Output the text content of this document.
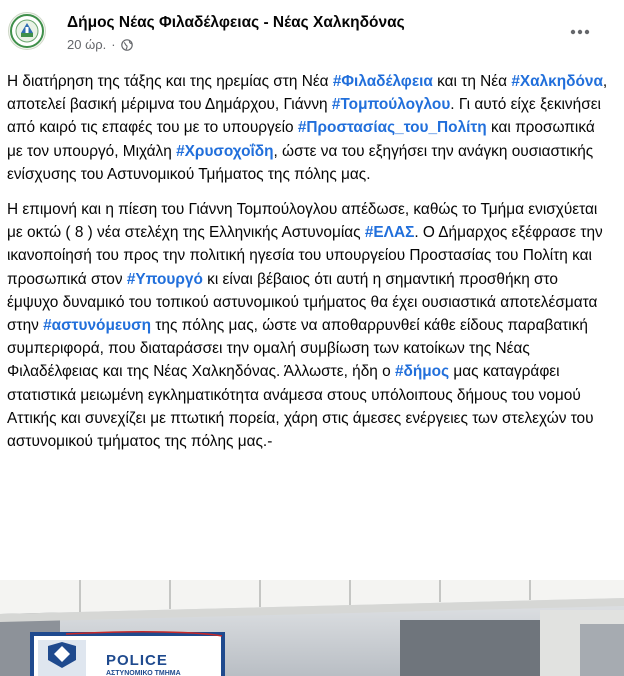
Δήμος Νέας Φιλαδέλφειας - Νέας Χαλκηδόνας
20 ώρ. ·

Η διατήρηση της τάξης και της ηρεμίας στη Νέα #Φιλαδέλφεια και τη Νέα #Χαλκηδόνα, αποτελεί βασική μέριμνα του Δημάρχου, Γιάννη #Τομπούλογλου. Γι αυτό είχε ξεκινήσει από καιρό τις επαφές του με το υπουργείο #Προστασίας_του_Πολίτη και προσωπικά με τον υπουργό, Μιχάλη #Χρυσοχοΐδη, ώστε να του εξηγήσει την ανάγκη ουσιαστικής ενίσχυσης του Αστυνομικού Τμήματος της πόλης μας.

Η επιμονή και η πίεση του Γιάννη Τομπούλογλου απέδωσε, καθώς το Τμήμα ενισχύεται με οκτώ ( 8 ) νέα στελέχη της Ελληνικής Αστυνομίας #ΕΛΑΣ. Ο Δήμαρχος εξέφρασε την ικανοποίησή του προς την πολιτική ηγεσία του υπουργείου Προστασίας του Πολίτη και προσωπικά στον #Υπουργό κι είναι βέβαιος ότι αυτή η σημαντική προσθήκη στο έμψυχο δυναμικό του τοπικού αστυνομικού τμήματος θα έχει ουσιαστικά αποτελέσματα στην #αστυνόμευση της πόλης μας, ώστε να αποθαρρυνθεί κάθε είδους παραβατική συμπεριφορά, που διαταράσσει την ομαλή συμβίωση των κατοίκων της Νέας Φιλαδέλφειας και της Νέας Χαλκηδόνας. Άλλωστε, ήδη ο #δήμος μας καταγράφει στατιστικά μειωμένη εγκληματικότητα ανάμεσα στους υπόλοιπους δήμους του νομού Αττικής και συνεχίζει με πτωτική πορεία, χάρη στις άμεσες ενέργειες των στελεχών του αστυνομικού τμήματος της πόλης μας.-

POLICE
ΑΣΤΥΝΟΜΙΚΟ ΤΜΗΜΑ
